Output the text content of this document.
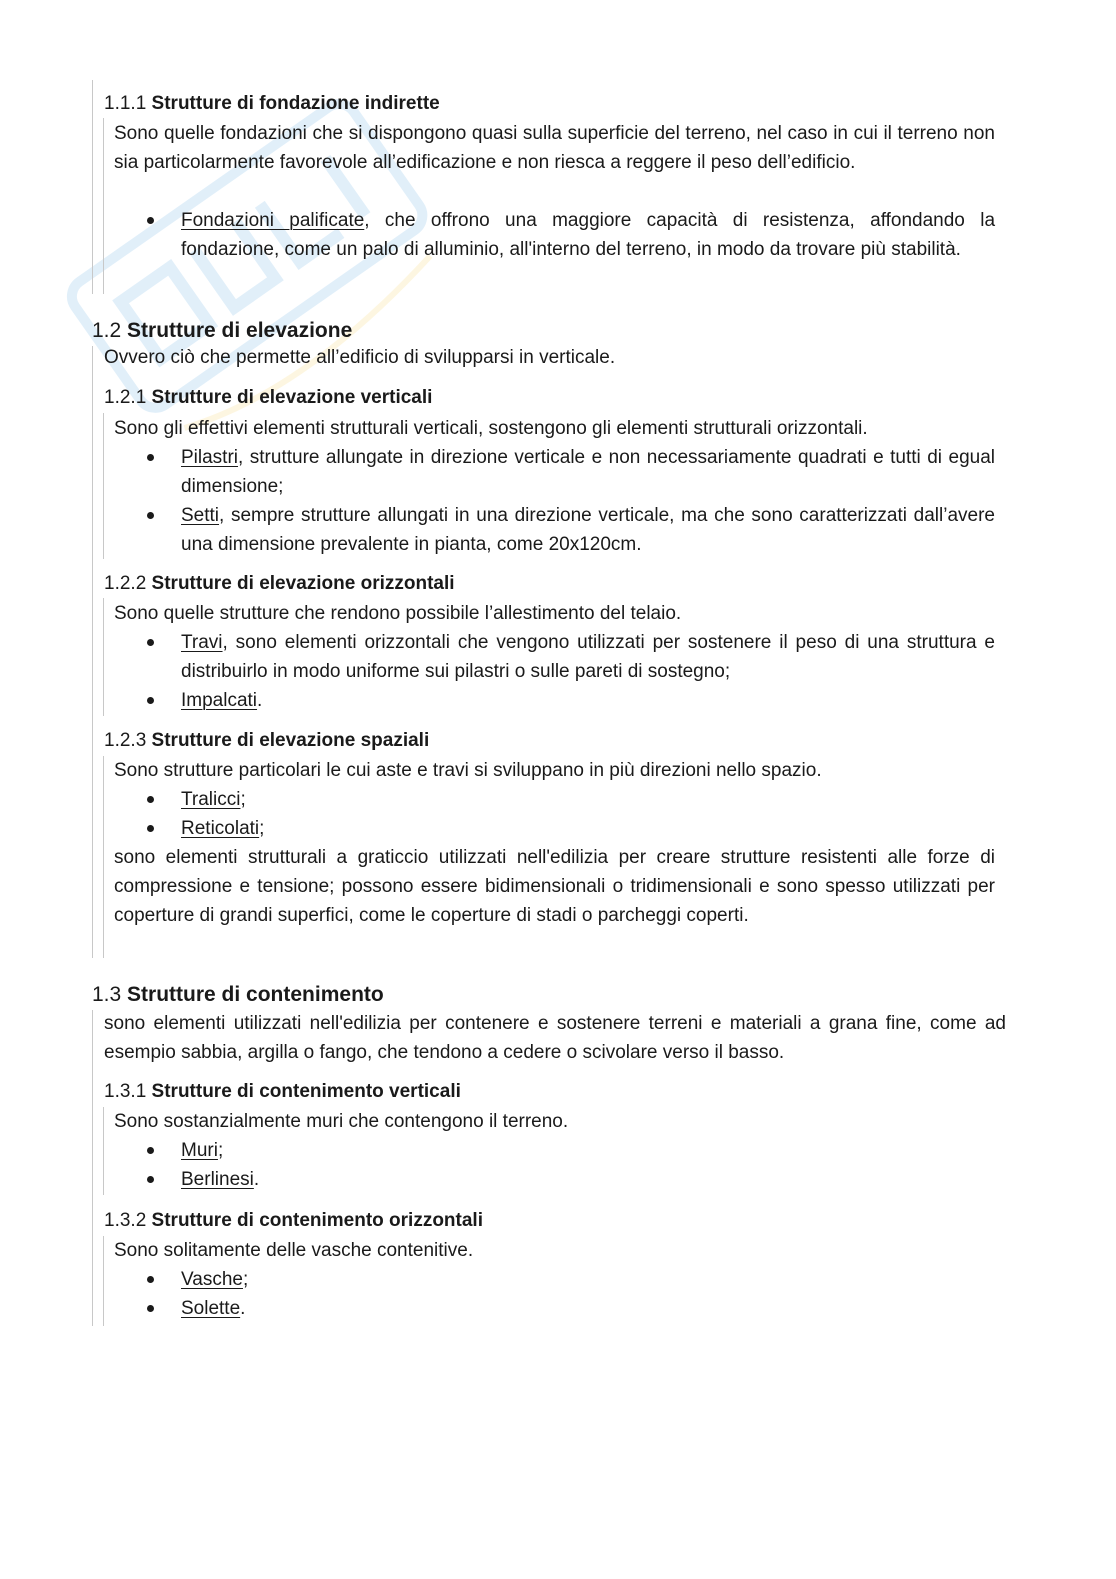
1.1.1 Strutture di fondazione indirette
Sono quelle fondazioni che si dispongono quasi sulla superficie del terreno, nel caso in cui il terreno non sia particolarmente favorevole all’edificazione e non riesca a reggere il peso dell’edificio.
Fondazioni palificate, che offrono una maggiore capacità di resistenza, affondando la fondazione, come un palo di alluminio, all'interno del terreno, in modo da trovare più stabilità.
1.2 Strutture di elevazione
Ovvero ciò che permette all’edificio di svilupparsi in verticale.
1.2.1 Strutture di elevazione verticali
Sono gli effettivi elementi strutturali verticali, sostengono gli elementi strutturali orizzontali.
Pilastri, strutture allungate in direzione verticale e non necessariamente quadrati e tutti di egual dimensione;
Setti, sempre strutture allungati in una direzione verticale, ma che sono caratterizzati dall’avere una dimensione prevalente in pianta, come 20x120cm.
1.2.2 Strutture di elevazione orizzontali
Sono quelle strutture che rendono possibile l’allestimento del telaio.
Travi, sono elementi orizzontali che vengono utilizzati per sostenere il peso di una struttura e distribuirlo in modo uniforme sui pilastri o sulle pareti di sostegno;
Impalcati.
1.2.3 Strutture di elevazione spaziali
Sono strutture particolari le cui aste e travi si sviluppano in più direzioni nello spazio.
Tralicci;
Reticolati;
sono elementi strutturali a graticcio utilizzati nell'edilizia per creare strutture resistenti alle forze di compressione e tensione; possono essere bidimensionali o tridimensionali e sono spesso utilizzati per coperture di grandi superfici, come le coperture di stadi o parcheggi coperti.
1.3 Strutture di contenimento
sono elementi utilizzati nell'edilizia per contenere e sostenere terreni e materiali a grana fine, come ad esempio sabbia, argilla o fango, che tendono a cedere o scivolare verso il basso.
1.3.1 Strutture di contenimento verticali
Sono sostanzialmente muri che contengono il terreno.
Muri;
Berlinesi.
1.3.2 Strutture di contenimento orizzontali
Sono solitamente delle vasche contenitive.
Vasche;
Solette.
